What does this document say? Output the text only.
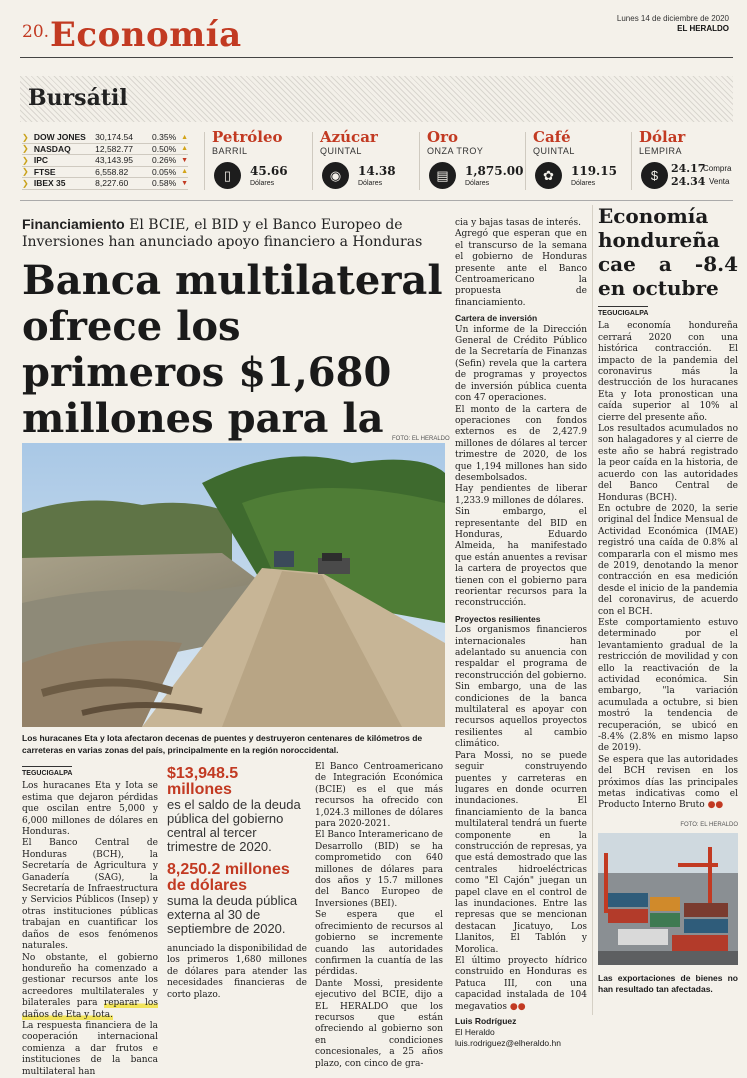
20. Economía	Lunes 14 de diciembre de 2020
EL HERALDO
Bursátil
❯ DOW JONES	30,174.54	0.35% ▲
❯ NASDAQ	12,582.77	0.50% ▲
❯ IPC	43,143.95	0.26% ▼
❯ FTSE	6,558.82	0.05% ▲
❯ IBEX 35	8,227.60	0.58% ▼
Petróleo
BARRIL
▯	45.66
Dólares
Azúcar
QUINTAL
◉	14.38
Dólares
Oro
ONZA TROY
▤	1,875.00
Dólares
Café
QUINTAL
✿	119.15
Dólares
Dólar
LEMPIRA
$	24.17
Compra
24.34 Venta
Financiamiento El BCIE, el BID y el Banco Europeo de Inversiones han anunciado apoyo financiero a Honduras
Banca multilateral ofrece los primeros $1,680 millones para la	FOTO: EL HERALDO
Los huracanes Eta y Iota afectaron decenas de puentes y destruyeron centenares de kilómetros de carreteras en varias zonas del país, principalmente en la región noroccidental.
TEGUCIGALPA

Los huracanes Eta y Iota se estima que dejaron pérdidas que oscilan entre 5,000 y 6,000 millones de dólares en Honduras.

El Banco Central de Honduras (BCH), la Secretaría de Agricultura y Ganadería (SAG), la Secretaría de Infraestructura y Servicios Públicos (Insep) y otras instituciones públicas trabajan en cuantificar los daños de esos fenómenos naturales.

No obstante, el gobierno hondureño ha comenzado a gestionar recursos ante los acreedores multilaterales y bilaterales para reparar los daños de Eta y Iota.

La respuesta financiera de la cooperación internacional comienza a dar frutos e instituciones de la banca multilateral han

$13,948.5 millones
es el saldo de la deuda pública del gobierno central al tercer trimestre de 2020.
8,250.2 millones de dólares
suma la deuda pública externa al 30 de septiembre de 2020.

anunciado la disponibilidad de los primeros 1,680 millones de dólares para atender las necesidades financieras de corto plazo.

El Banco Centroamericano de Integración Económica (BCIE) es el que más recursos ha ofrecido con 1,024.3 millones de dólares para 2020-2021.

El Banco Interamericano de Desarrollo (BID) se ha comprometido con 640 millones de dólares para dos años y 15.7 millones del Banco Europeo de Inversiones (BEI).

Se espera que el ofrecimiento de recursos al gobierno se incremente cuando las autoridades confirmen la cuantía de las pérdidas.

Dante Mossi, presidente ejecutivo del BCIE, dijo a EL HERALDO que los recursos que están ofreciendo al gobierno son en condiciones concesionales, a 25 años plazo, con cinco de gra-

cia y bajas tasas de interés.

Agregó que esperan que en el transcurso de la semana el gobierno de Honduras presente ante el Banco Centroamericano la propuesta de financiamiento.

Cartera de inversión

Un informe de la Dirección General de Crédito Público de la Secretaría de Finanzas (Sefin) revela que la cartera de programas y proyectos de inversión pública cuenta con 47 operaciones.

El monto de la cartera de operaciones con fondos externos es de 2,427.9 millones de dólares al tercer trimestre de 2020, de los que 1,194 millones han sido desembolsados.

Hay pendientes de liberar 1,233.9 millones de dólares.

Sin embargo, el representante del BID en Honduras, Eduardo Almeida, ha manifestado que están anuentes a revisar la cartera de proyectos que tienen con el gobierno para reorientar recursos para la reconstrucción.

Proyectos resilientes

Los organismos financieros internacionales han adelantado su anuencia con respaldar el programa de reconstrucción del gobierno.

Sin embargo, una de las condiciones de la banca multilateral es apoyar con recursos aquellos proyectos resilientes al cambio climático.

Para Mossi, no se puede seguir construyendo puentes y carreteras en lugares en donde ocurren inundaciones. El financiamiento de la banca multilateral tendrá un fuerte componente en la construcción de represas, ya que está demostrado que las centrales hidroeléctricas como "El Cajón" juegan un papel clave en el control de las inundaciones. Entre las represas que se mencionan destacan Jicatuyo, Los Llanitos, El Tablón y Morolica.

El último proyecto hídrico construido en Honduras es Patuca III, con una capacidad instalada de 104 megavatios ●●

Luis Rodríguez
El Heraldo
luis.rodriguez@elheraldo.hn
Economía hondureña cae a -8.4 en octubre
TEGUCIGALPA

La economía hondureña cerrará 2020 con una histórica contracción. El impacto de la pandemia del coronavirus más la destrucción de los huracanes Eta y Iota pronostican una caída superior al 10% al cierre del presente año.

Los resultados acumulados no son halagadores y al cierre de este año se habrá registrado la peor caída en la historia, de acuerdo con las autoridades del Banco Central de Honduras (BCH).

En octubre de 2020, la serie original del Índice Mensual de Actividad Económica (IMAE) registró una caída de 0.8% al compararla con el mismo mes de 2019, denotando la menor contracción en esa medición desde el inicio de la pandemia del coronavirus, de acuerdo con el BCH.

Este comportamiento estuvo determinado por el levantamiento gradual de la restricción de movilidad y con ello la reactivación de la actividad económica. Sin embargo, "la variación acumulada a octubre, si bien mostró la tendencia de recuperación, se ubicó en -8.4% (2.8% en mismo lapso de 2019).

Se espera que las autoridades del BCH revisen en los próximos días las principales metas indicativas como el Producto Interno Bruto ●●

FOTO: EL HERALDO
Las exportaciones de bienes no han resultado tan afectadas.
